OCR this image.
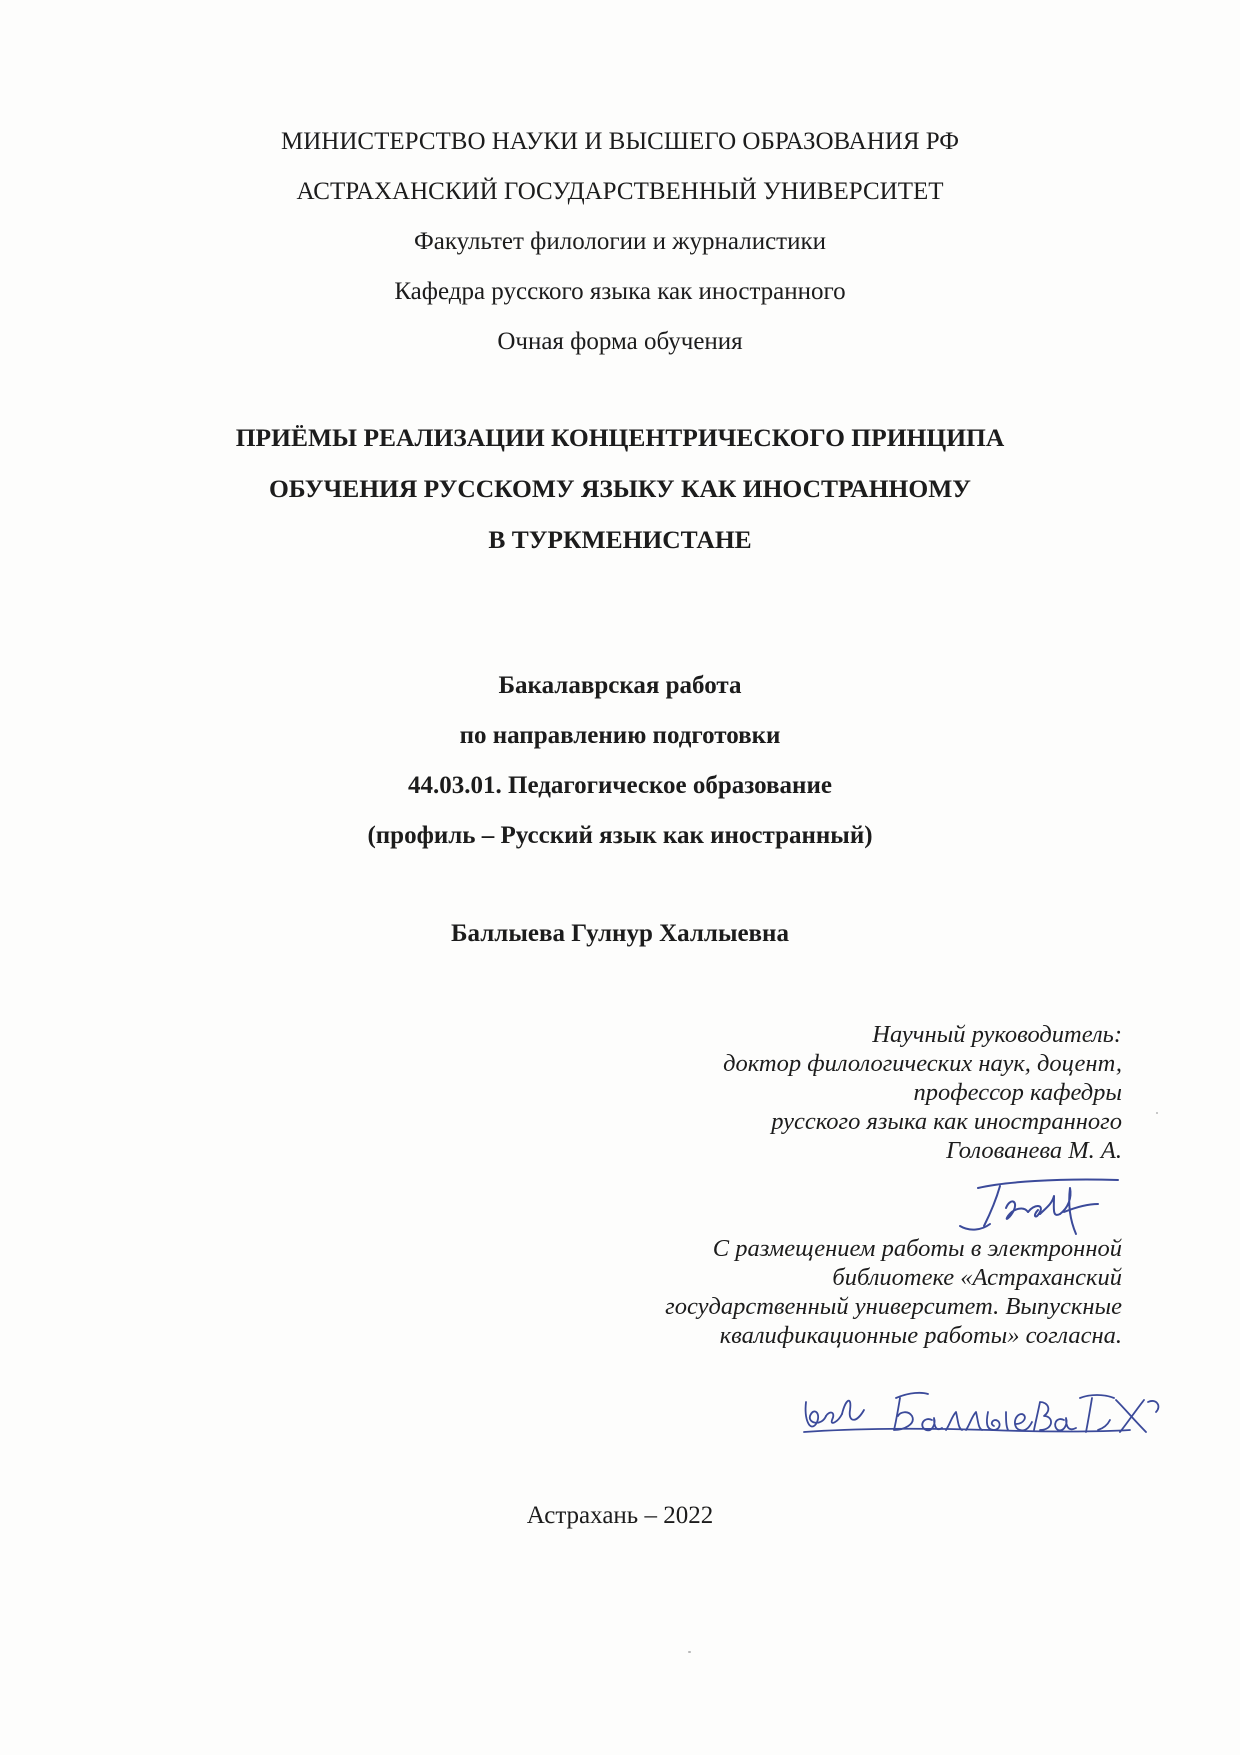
МИНИСТЕРСТВО НАУКИ И ВЫСШЕГО ОБРАЗОВАНИЯ РФ
АСТРАХАНСКИЙ ГОСУДАРСТВЕННЫЙ УНИВЕРСИТЕТ
Факультет филологии и журналистики
Кафедра русского языка как иностранного
Очная форма обучения
ПРИЁМЫ РЕАЛИЗАЦИИ КОНЦЕНТРИЧЕСКОГО ПРИНЦИПА
ОБУЧЕНИЯ РУССКОМУ ЯЗЫКУ КАК ИНОСТРАННОМУ
В ТУРКМЕНИСТАНЕ
Бакалаврская работа
по направлению подготовки
44.03.01. Педагогическое образование
(профиль – Русский язык как иностранный)
Баллыева Гулнур Халлыевна
Научный руководитель:
доктор филологических наук, доцент,
профессор кафедры
русского языка как иностранного
Голованева М. А.
С размещением работы в электронной
библиотеке «Астраханский
государственный университет. Выпускные
квалификационные работы» согласна.
Астрахань – 2022
